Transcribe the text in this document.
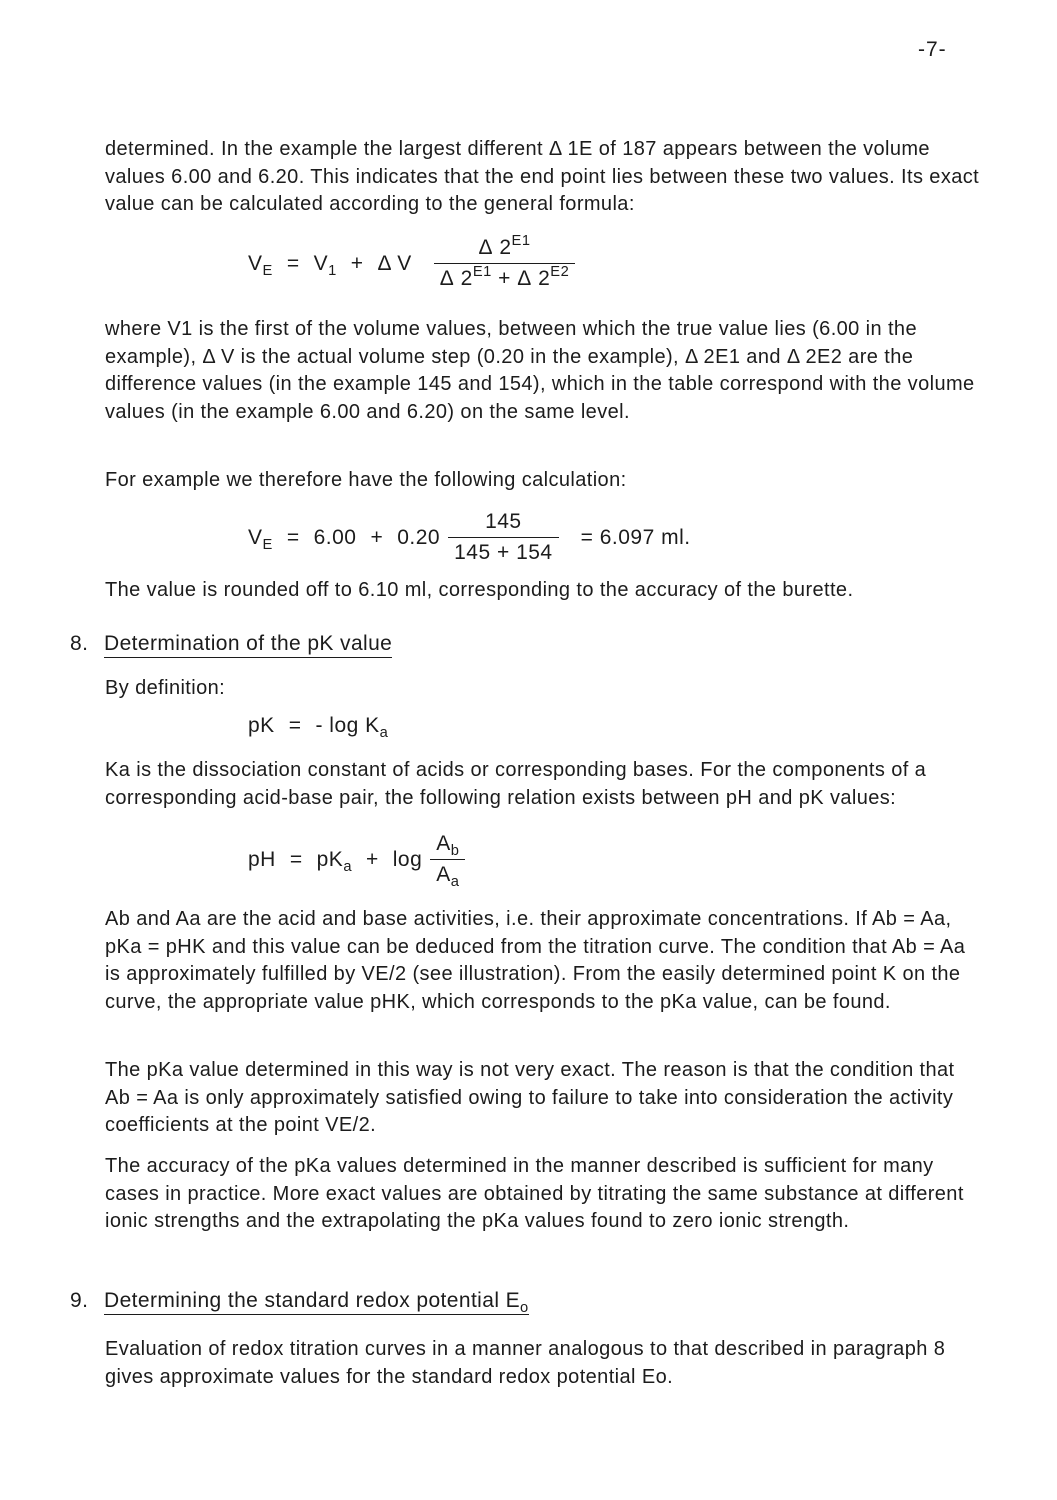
-7-

determined. In the example the largest different Δ 1E of 187 appears between the volume values 6.00 and 6.20. This indicates that the end point lies between these two values. Its exact value can be calculated according to the general formula:

$V_E = V_1 + \Delta$ V $\frac{\Delta 2^{E1}}{\Delta 2^{E1} + \Delta 2^{E2}}$

where V1 is the first of the volume values, between which the true value lies (6.00 in the example), Δ V is the actual volume step (0.20 in the example), Δ 2E1 and Δ 2E2 are the difference values (in the example 145 and 154), which in the table correspond with the volume values (in the example 6.00 and 6.20) on the same level.

For example we therefore have the following calculation:

$V_E = 6.00 + 0.20 \frac{145}{145 + 154} = 6.097$ ml.

The value is rounded off to 6.10 ml, corresponding to the accuracy of the burette.

8. Determination of the pK value

By definition:

pK = - $\log K_a$

Ka is the dissociation constant of acids or corresponding bases. For the components of a corresponding acid-base pair, the following relation exists between pH and pK values:

pH = $pK_a + \log \frac{A_b}{A_a}$

Ab and Aa are the acid and base activities, i.e. their approximate concentrations. If Ab = Aa, pKa = pHK and this value can be deduced from the titration curve. The condition that Ab = Aa is approximately fulfilled by VE/2 (see illustration). From the easily determined point K on the curve, the appropriate value pHK, which corresponds to the pKa value, can be found.

The pKa value determined in this way is not very exact. The reason is that the condition that Ab = Aa is only approximately satisfied owing to failure to take into consideration the activity coefficients at the point VE/2.

The accuracy of the pKa values determined in the manner described is sufficient for many cases in practice. More exact values are obtained by titrating the same substance at different ionic strengths and the extrapolating the pKa values found to zero ionic strength.

9. Determining the standard redox potential $E_o$

Evaluation of redox titration curves in a manner analogous to that described in paragraph 8 gives approximate values for the standard redox potential Eo.
